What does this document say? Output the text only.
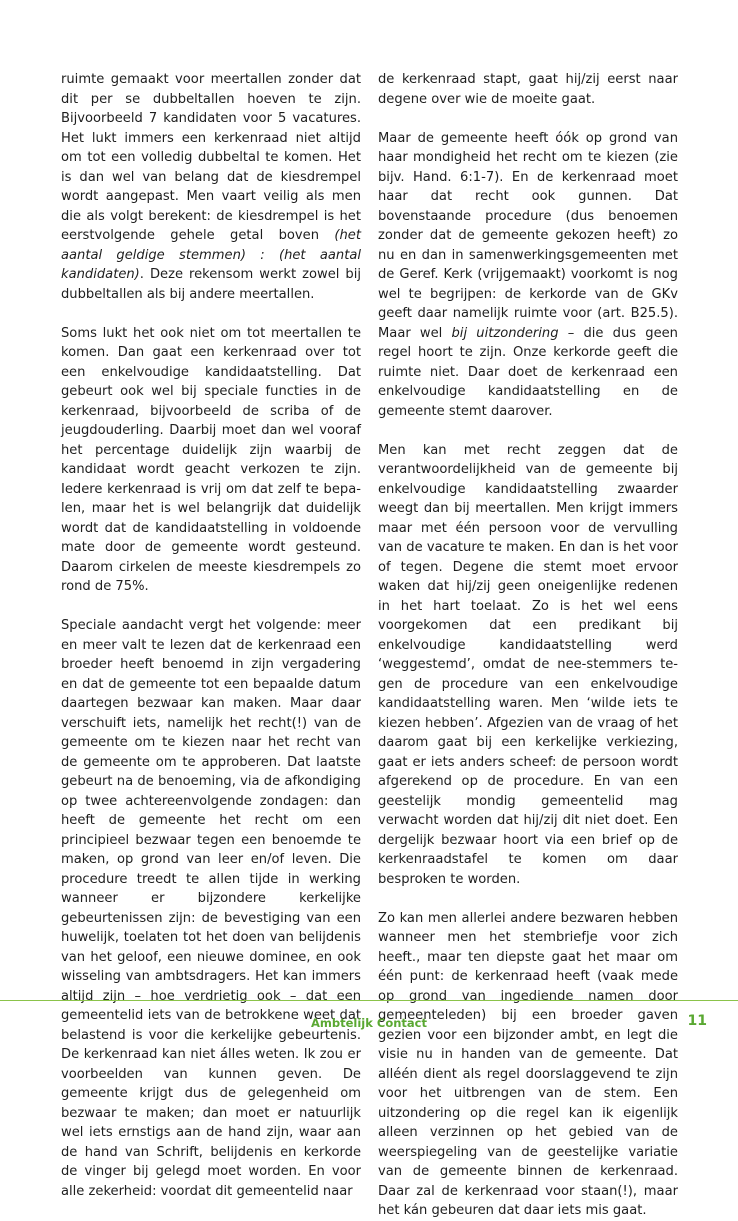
ruimte gemaakt voor meertallen zonder dat dit per se dubbeltallen hoeven te zijn. Bijvoorbeeld 7 kandidaten voor 5 vacatures. Het lukt immers een kerkenraad niet altijd om tot een volledig dubbeltal te komen. Het is dan wel van belang dat de kiesdrempel wordt aangepast. Men vaart veilig als men die als volgt berekent: de kiesdrempel is het eerstvolgende gehele getal boven (het aantal geldige stemmen) : (het aantal kandidaten). Deze rekensom werkt zowel bij dubbeltallen als bij andere meertallen.

Soms lukt het ook niet om tot meertallen te komen. Dan gaat een kerkenraad over tot een enkelvoudige kandidaatstelling. Dat gebeurt ook wel bij speciale functies in de kerkenraad, bijvoorbeeld de scriba of de jeugdouderling. Daarbij moet dan wel vooraf het percentage duidelijk zijn waarbij de kandidaat wordt geacht verkozen te zijn. Iedere kerkenraad is vrij om dat zelf te bepalen, maar het is wel belangrijk dat duidelijk wordt dat de kandidaatstelling in voldoende mate door de gemeente wordt gesteund. Daarom cirkelen de meeste kiesdrempels zo rond de 75%.

Speciale aandacht vergt het volgende: meer en meer valt te lezen dat de kerkenraad een broeder heeft benoemd in zijn vergadering en dat de gemeente tot een bepaalde datum daartegen bezwaar kan maken. Maar daar verschuift iets, namelijk het recht(!) van de gemeente om te kiezen naar het recht van de gemeente om te approberen. Dat laatste gebeurt na de benoeming, via de afkondiging op twee achtereenvolgende zondagen: dan heeft de gemeente het recht om een principieel bezwaar tegen een benoemde te maken, op grond van leer en/of leven. Die procedure treedt te allen tijde in werking wanneer er bijzondere kerkelijke gebeurtenissen zijn: de bevestiging van een huwelijk, toelaten tot het doen van belijdenis van het geloof, een nieuwe dominee, en ook wisseling van ambtsdragers. Het kan immers altijd zijn – hoe verdrietig ook – dat een gemeentelid iets van de betrokkene weet dat belastend is voor die kerkelijke gebeurtenis. De kerkenraad kan niet álles weten. Ik zou er voorbeelden van kunnen geven. De gemeente krijgt dus de gelegenheid om bezwaar te maken; dan moet er natuurlijk wel iets ernstigs aan de hand zijn, waar aan de hand van Schrift, belijdenis en kerkorde de vinger bij gelegd moet worden. En voor alle zekerheid: voordat dit gemeentelid naar

de kerkenraad stapt, gaat hij/zij eerst naar degene over wie de moeite gaat.

Maar de gemeente heeft óók op grond van haar mondigheid het recht om te kiezen (zie bijv. Hand. 6:1-7). En de kerkenraad moet haar dat recht ook gunnen. Dat bovenstaande procedure (dus benoemen zonder dat de gemeente gekozen heeft) zo nu en dan in samenwerkingsgemeenten met de Geref. Kerk (vrijgemaakt) voorkomt is nog wel te begrijpen: de kerkorde van de GKv geeft daar namelijk ruimte voor (art. B25.5). Maar wel bij uitzondering – die dus geen regel hoort te zijn. Onze kerkorde geeft die ruimte niet. Daar doet de kerkenraad een enkelvoudige kandidaatstelling en de gemeente stemt daarover.

Men kan met recht zeggen dat de verantwoordelijkheid van de gemeente bij enkelvoudige kandidaatstelling zwaarder weegt dan bij meertallen. Men krijgt immers maar met één persoon voor de vervulling van de vacature te maken. En dan is het voor of tegen. Degene die stemt moet ervoor waken dat hij/zij geen oneigenlijke redenen in het hart toelaat. Zo is het wel eens voorgekomen dat een predikant bij enkelvoudige kandidaatstelling werd ‘weggestemd’, omdat de nee-stemmers tegen de procedure van een enkelvoudige kandidaatstelling waren. Men ‘wilde iets te kiezen hebben’. Afgezien van de vraag of het daarom gaat bij een kerkelijke verkiezing, gaat er iets anders scheef: de persoon wordt afgerekend op de procedure. En van een geestelijk mondig gemeentelid mag verwacht worden dat hij/zij dit niet doet. Een dergelijk bezwaar hoort via een brief op de kerkenraadstafel te komen om daar besproken te worden.

Zo kan men allerlei andere bezwaren hebben wanneer men het stembriefje voor zich heeft., maar ten diepste gaat het maar om één punt: de kerkenraad heeft (vaak mede op grond van ingediende namen door gemeenteleden) bij een broeder gaven gezien voor een bijzonder ambt, en legt die visie nu in handen van de gemeente. Dat alléén dient als regel doorslaggevend te zijn voor het uitbrengen van de stem. Een uitzondering op die regel kan ik eigenlijk alleen verzinnen op het gebied van de weerspiegeling van de geestelijke variatie van de gemeente binnen de kerkenraad. Daar zal de kerkenraad voor staan(!), maar het kán gebeuren dat daar iets mis gaat.

Ambtelijk Contact	11
